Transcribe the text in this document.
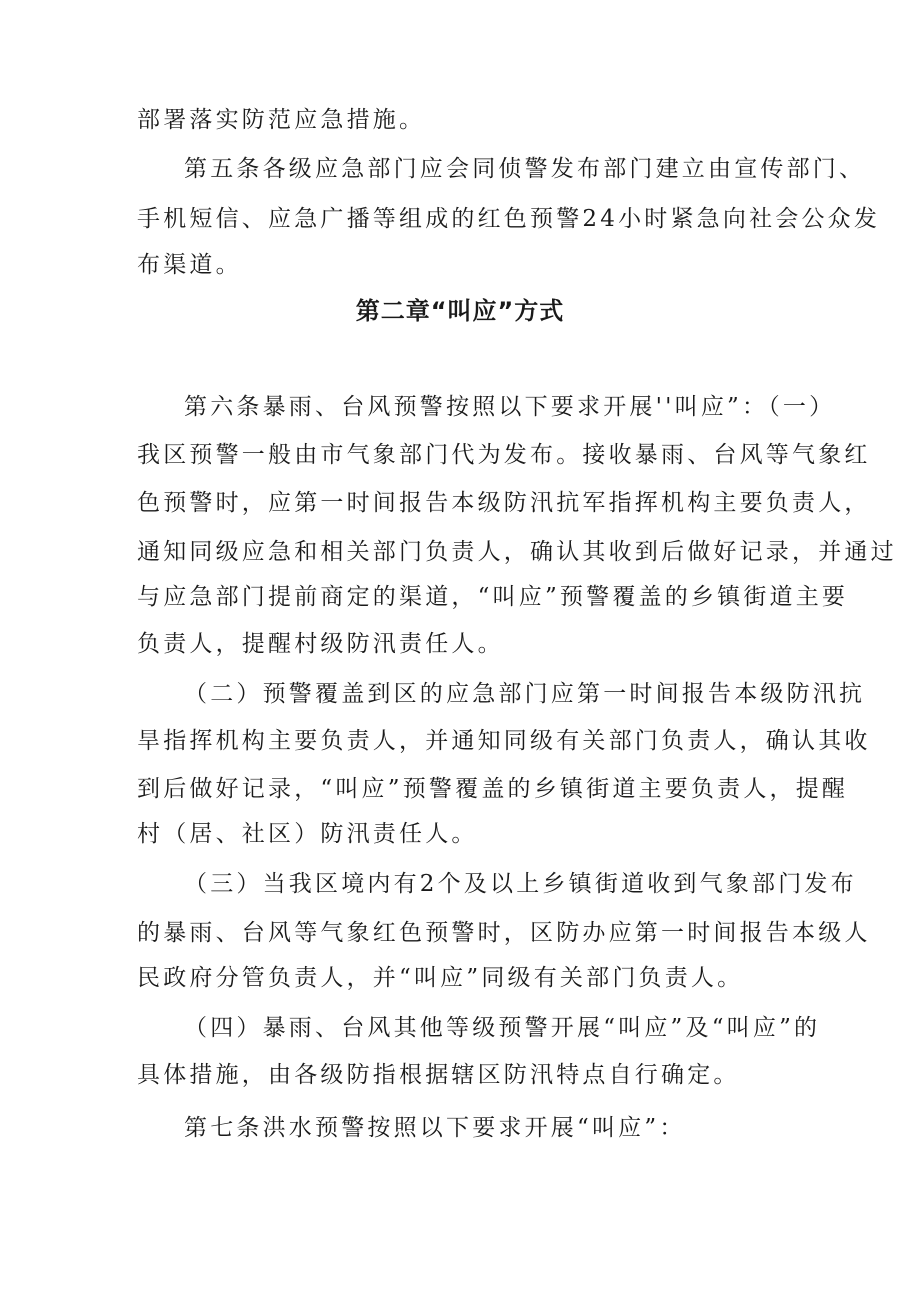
部署落实防范应急措施。
第五条各级应急部门应会同侦警发布部门建立由宣传部门、
手机短信、应急广播等组成的红色预警24小时紧急向社会公众发
布渠道。
第二章“叫应”方式
第六条暴雨、台风预警按照以下要求开展''叫应”：（一）
我区预警一般由市气象部门代为发布。接收暴雨、台风等气象红
色预警时，应第一时间报告本级防汛抗军指挥机构主要负责人，
通知同级应急和相关部门负责人，确认其收到后做好记录，并通过
与应急部门提前商定的渠道，“叫应”预警覆盖的乡镇街道主要
负责人，提醒村级防汛责任人。
（二）预警覆盖到区的应急部门应第一时间报告本级防汛抗
旱指挥机构主要负责人，并通知同级有关部门负责人，确认其收
到后做好记录，“叫应”预警覆盖的乡镇街道主要负责人，提醒
村（居、社区）防汛责任人。
（三）当我区境内有2个及以上乡镇街道收到气象部门发布
的暴雨、台风等气象红色预警时，区防办应第一时间报告本级人
民政府分管负责人，并“叫应”同级有关部门负责人。
（四）暴雨、台风其他等级预警开展“叫应”及“叫应”的
具体措施，由各级防指根据辖区防汛特点自行确定。
第七条洪水预警按照以下要求开展“叫应”：
